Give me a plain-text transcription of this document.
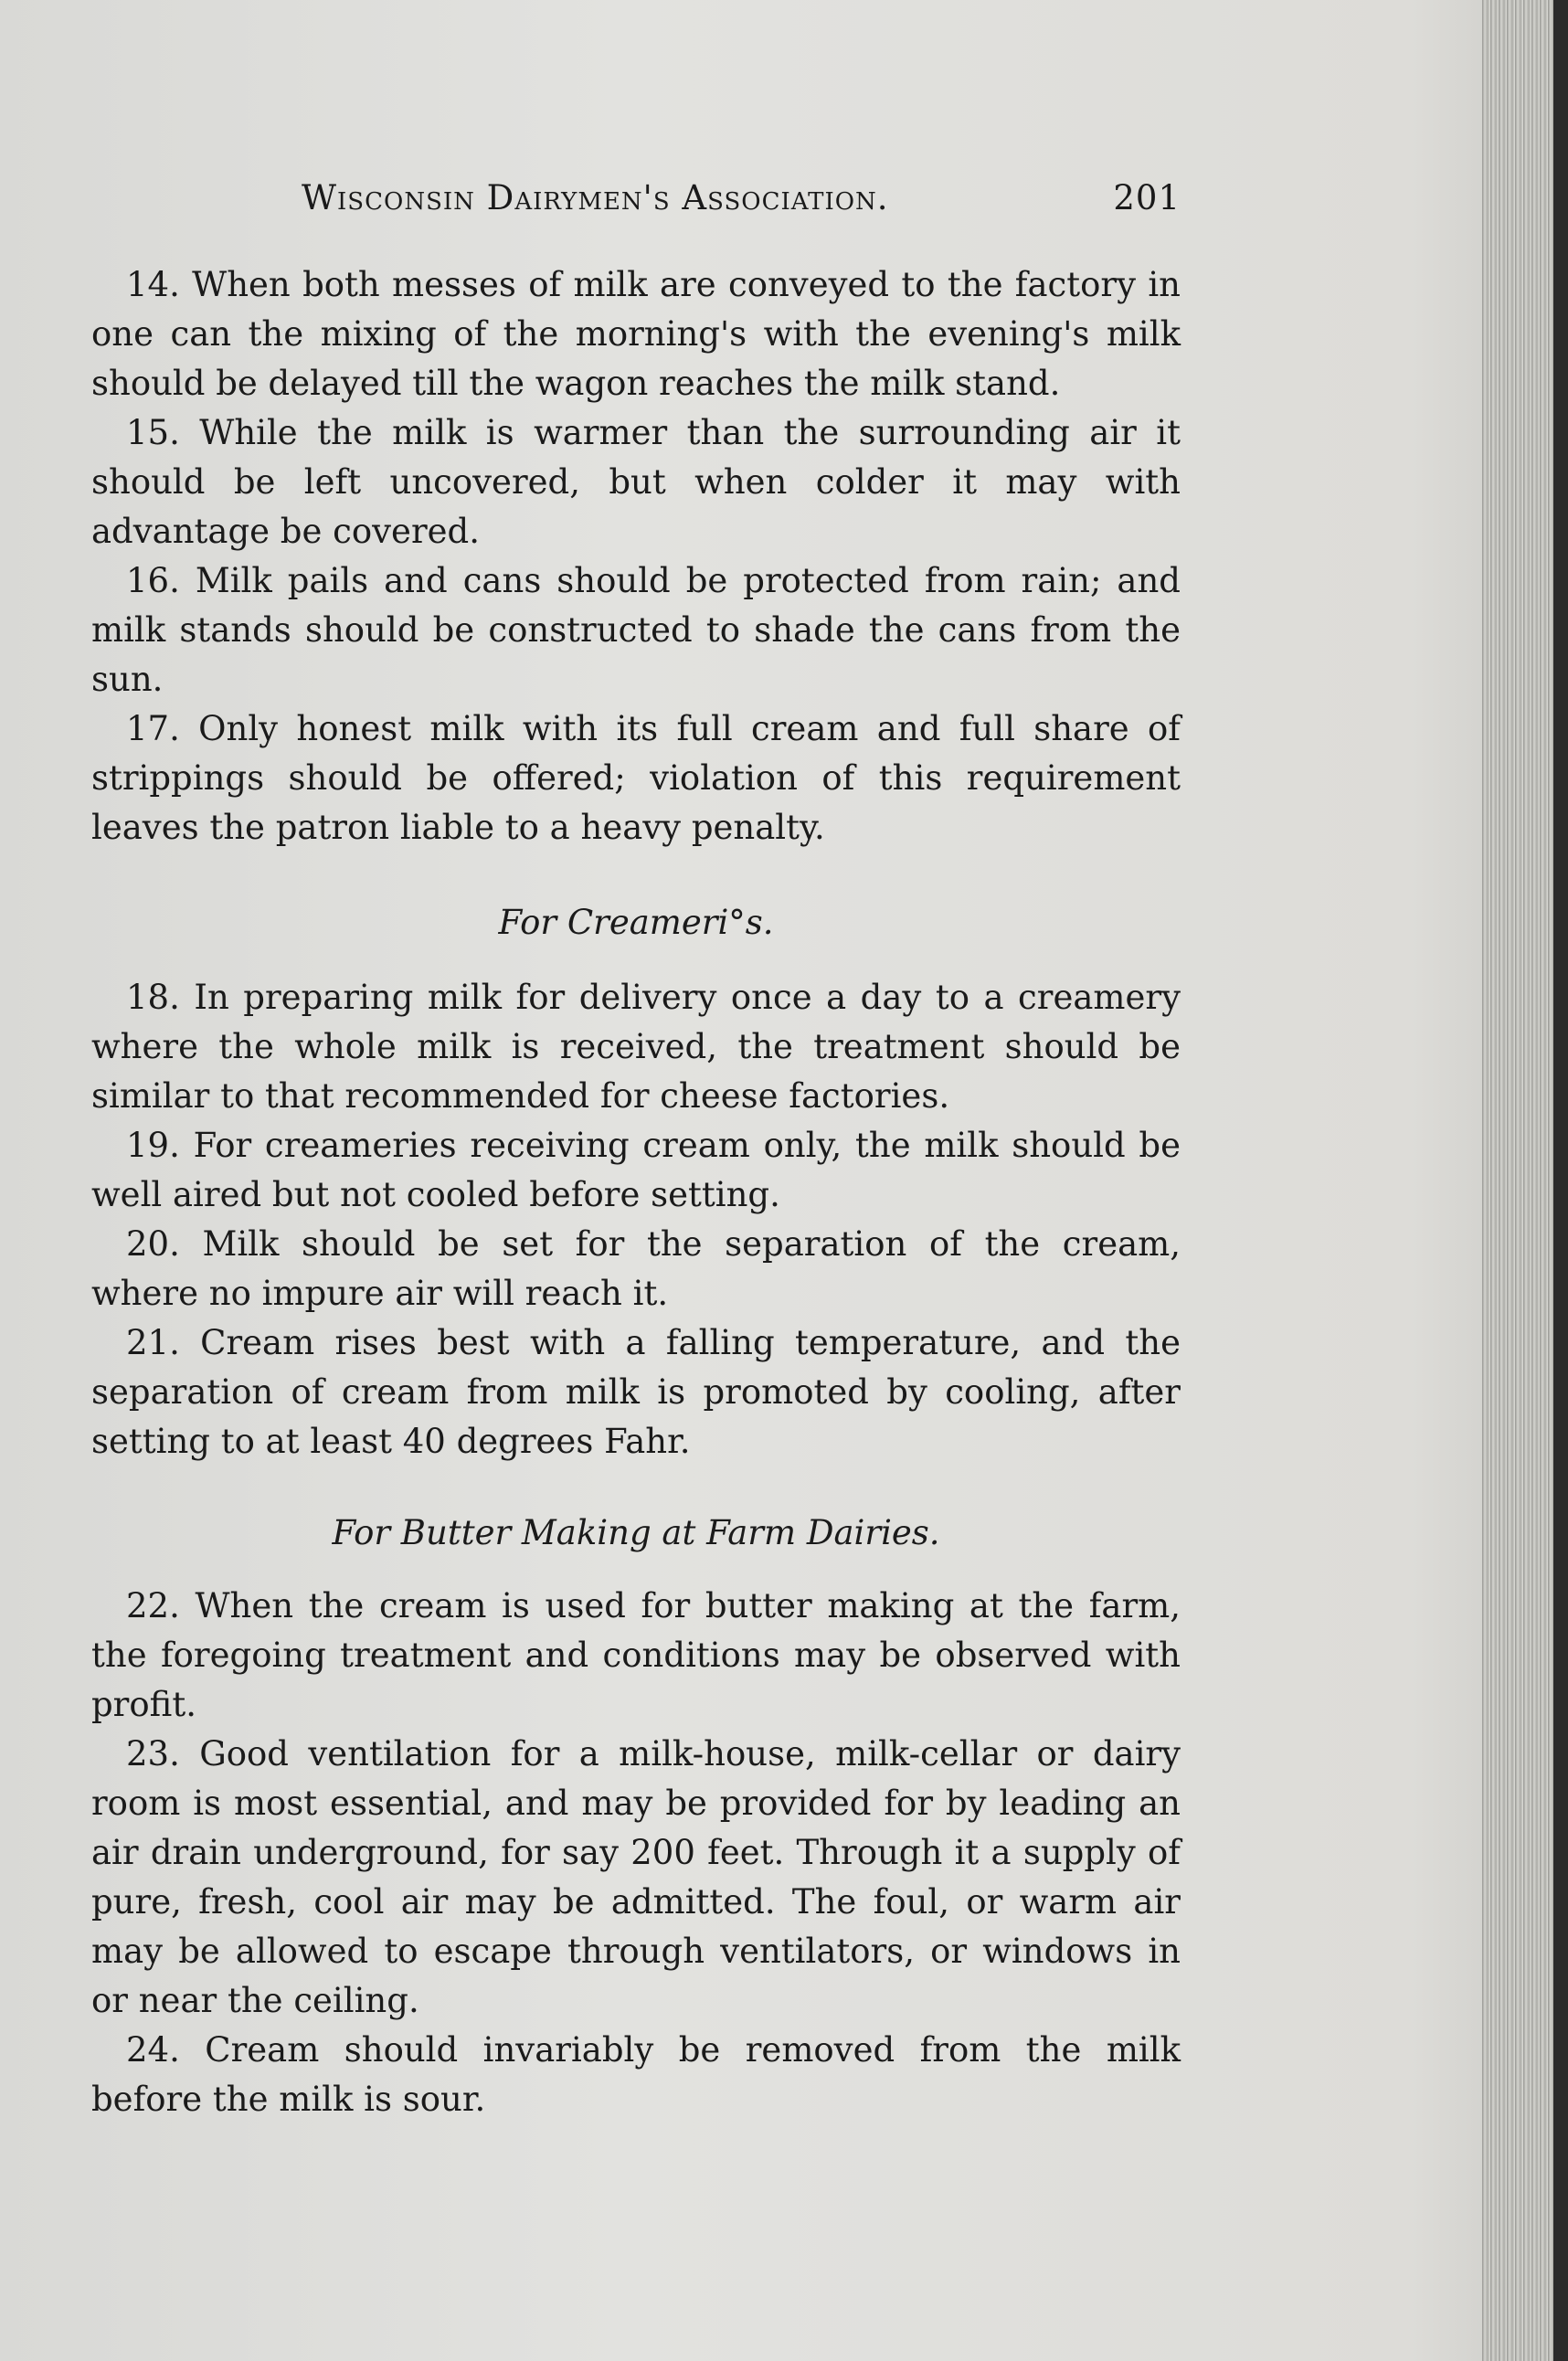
Wisconsin Dairymen's Association.	201

14. When both messes of milk are conveyed to the factory in one can the mixing of the morning's with the evening's milk should be delayed till the wagon reaches the milk stand.

15. While the milk is warmer than the surrounding air it should be left uncovered, but when colder it may with advantage be covered.

16. Milk pails and cans should be protected from rain; and milk stands should be constructed to shade the cans from the sun.

17. Only honest milk with its full cream and full share of strippings should be offered; violation of this requirement leaves the patron liable to a heavy penalty.

For Creameri°s.

18. In preparing milk for delivery once a day to a creamery where the whole milk is received, the treatment should be similar to that recommended for cheese factories.

19. For creameries receiving cream only, the milk should be well aired but not cooled before setting.

20. Milk should be set for the separation of the cream, where no impure air will reach it.

21. Cream rises best with a falling temperature, and the separation of cream from milk is promoted by cooling, after setting to at least 40 degrees Fahr.

For Butter Making at Farm Dairies.

22. When the cream is used for butter making at the farm, the foregoing treatment and conditions may be observed with profit.

23. Good ventilation for a milk-house, milk-cellar or dairy room is most essential, and may be provided for by leading an air drain underground, for say 200 feet. Through it a supply of pure, fresh, cool air may be admitted. The foul, or warm air may be allowed to escape through ventilators, or windows in or near the ceiling.

24. Cream should invariably be removed from the milk before the milk is sour.
